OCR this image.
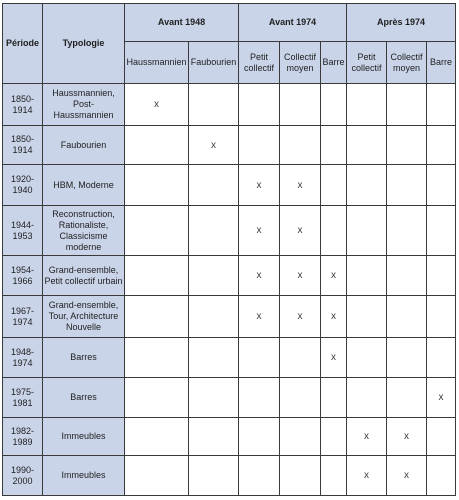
Période	Typologie	Avant 1948		Avant 1974			Après 1974		
		Haussmannien	Faubourien	Petit collectif	Collectif moyen	Barre	Petit collectif	Collectif moyen	Barre
1850-1914	Haussmannien, Post-Haussmannien	x							
1850-1914	Faubourien		x						
1920-1940	HBM, Moderne			x	x				
1944-1953	Reconstruction, Rationaliste, Classicisme moderne			x	x				
1954-1966	Grand-ensemble, Petit collectif urbain			x	x	x			
1967-1974	Grand-ensemble, Tour, Architecture Nouvelle			x	x	x			
1948-1974	Barres					x			
1975-1981	Barres								x
1982-1989	Immeubles						x	x	
1990-2000	Immeubles						x	x	
